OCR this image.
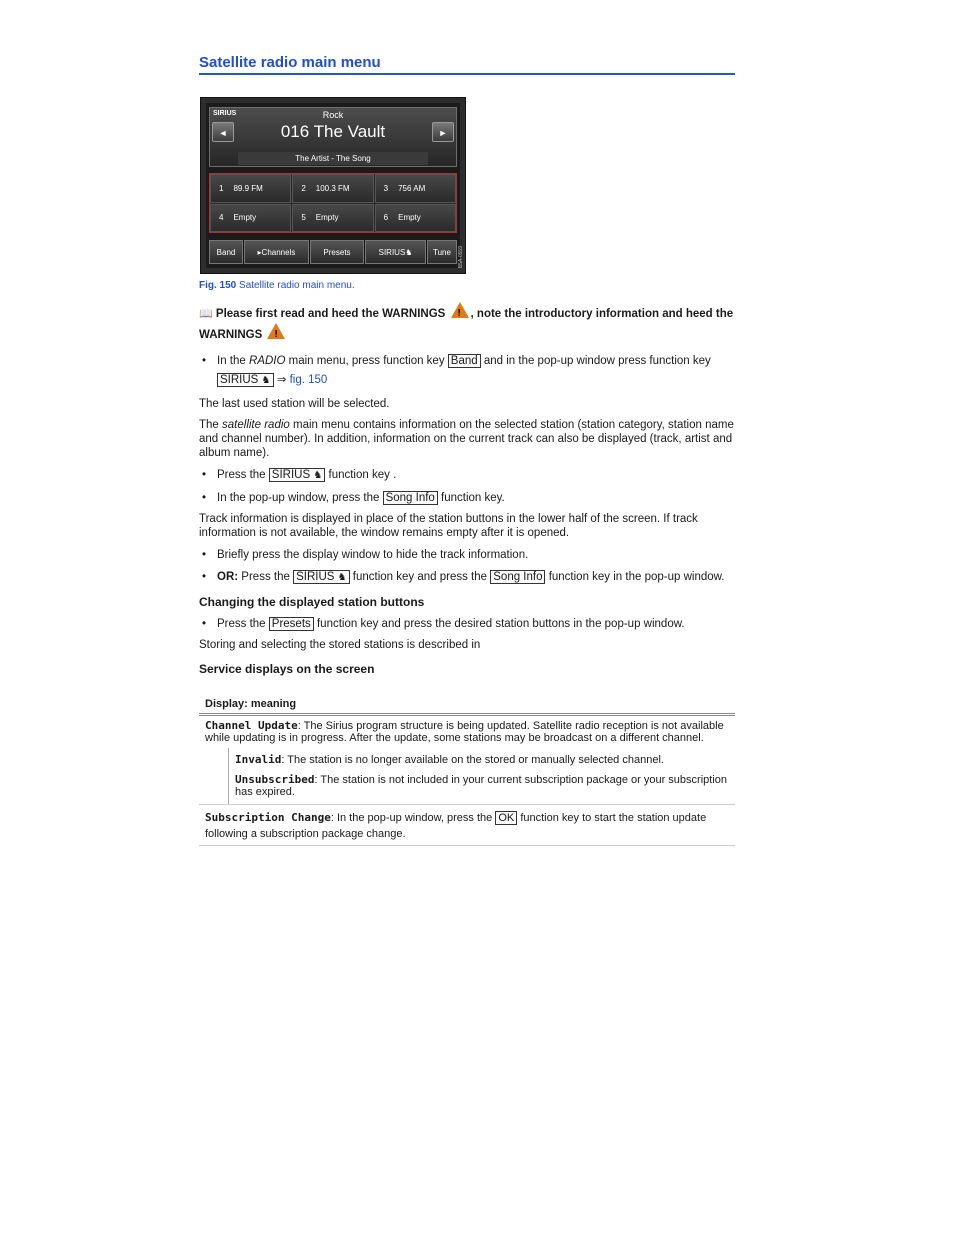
Satellite radio main menu
SIRIUS	Rock
◄	016 The Vault	►
The Artist - The Song
1 89.9 FM	2 100.3 FM	3 756 AM
4 Empty	5 Empty	6 Empty
Band	▸Channels	Presets	SIRIUS ♞	Tune	B5A-0559
Fig. 150 Satellite radio main menu.

📖 Please first read and heed the WARNINGS ! , note the introductory information and heed the WARNINGS !

• In the RADIO main menu, press function key Band and in the pop-up window press function key SIRIUS ♞ ⇒ fig. 150

The last used station will be selected.

The satellite radio main menu contains information on the selected station (station category, station name and channel number). In addition, information on the current track can also be displayed (track, artist and album name).

• Press the SIRIUS ♞ function key .
• In the pop-up window, press the Song Info function key.

Track information is displayed in place of the station buttons in the lower half of the screen. If track information is not available, the window remains empty after it is opened.

• Briefly press the display window to hide the track information.
• OR: Press the SIRIUS ♞ function key and press the Song Info function key in the pop-up window.
Changing the displayed station buttons
• Press the Presets function key and press the desired station buttons in the pop-up window.

Storing and selecting the stored stations is described in

Service displays on the screen
Display: meaning
Channel Update: The Sirius program structure is being updated. Satellite radio reception is not available while updating is in progress. After the update, some stations may be broadcast on a different channel.

Invalid: The station is no longer available on the stored or manually selected channel.

Unsubscribed: The station is not included in your current subscription package or your subscription has expired.

Subscription Change: In the pop-up window, press the OK function key to start the station update following a subscription package change.
